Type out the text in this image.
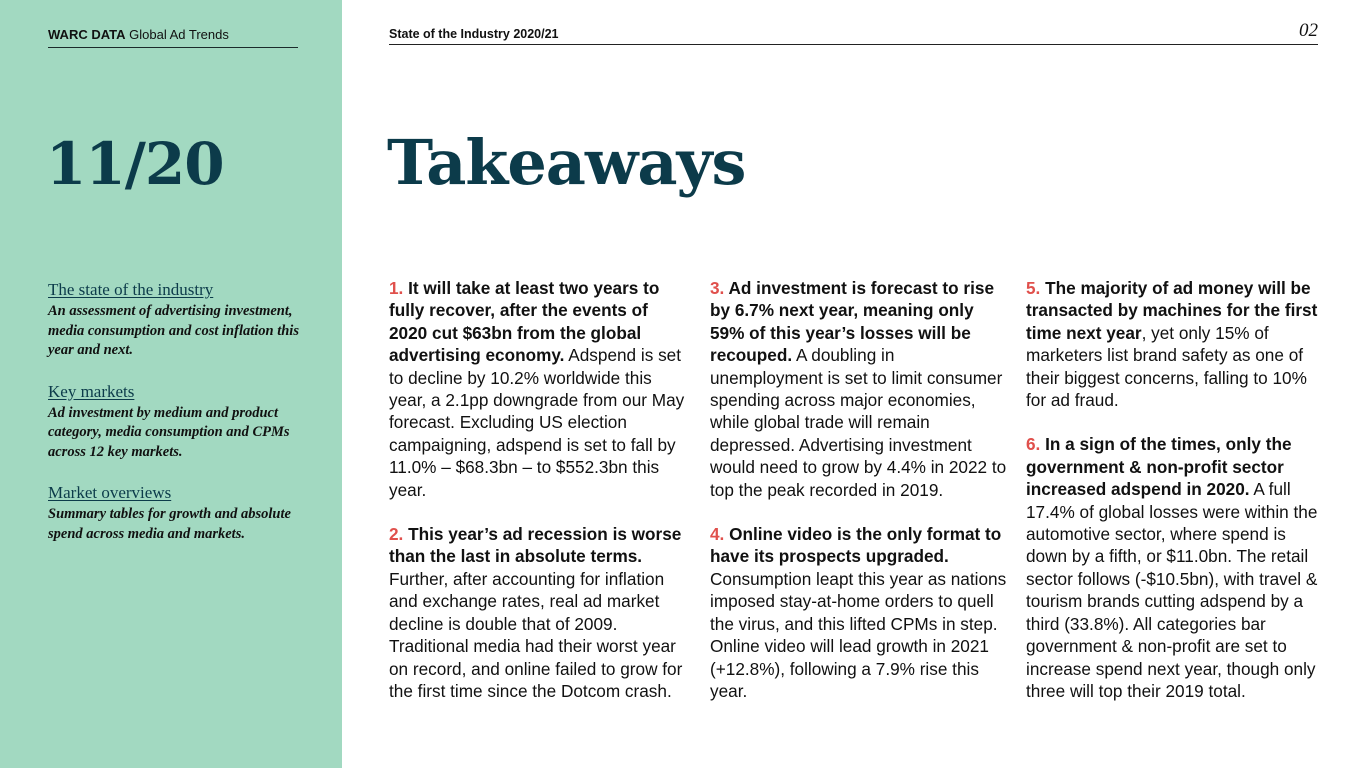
WARC DATA Global Ad Trends
11/20
The state of the industry
An assessment of advertising investment, media consumption and cost inflation this year and next.
Key markets
Ad investment by medium and product category, media consumption and CPMs across 12 key markets.
Market overviews
Summary tables for growth and absolute spend across media and markets.
State of the Industry 2020/21	02
Takeaways

1. It will take at least two years to fully recover, after the events of 2020 cut $63bn from the global advertising economy. Adspend is set to decline by 10.2% worldwide this year, a 2.1pp downgrade from our May forecast. Excluding US election campaigning, adspend is set to fall by 11.0% – $68.3bn – to $552.3bn this year.

2. This year’s ad recession is worse than the last in absolute terms. Further, after accounting for inflation and exchange rates, real ad market decline is double that of 2009. Traditional media had their worst year on record, and online failed to grow for the first time since the Dotcom crash.

3. Ad investment is forecast to rise by 6.7% next year, meaning only 59% of this year’s losses will be recouped. A doubling in unemployment is set to limit consumer spending across major economies, while global trade will remain depressed. Advertising investment would need to grow by 4.4% in 2022 to top the peak recorded in 2019.

4. Online video is the only format to have its prospects upgraded. Consumption leapt this year as nations imposed stay-at-home orders to quell the virus, and this lifted CPMs in step. Online video will lead growth in 2021 (+12.8%), following a 7.9% rise this year.

5. The majority of ad money will be transacted by machines for the first time next year, yet only 15% of marketers list brand safety as one of their biggest concerns, falling to 10% for ad fraud.

6. In a sign of the times, only the government & non-profit sector increased adspend in 2020. A full 17.4% of global losses were within the automotive sector, where spend is down by a fifth, or $11.0bn. The retail sector follows (-$10.5bn), with travel & tourism brands cutting adspend by a third (33.8%). All categories bar government & non-profit are set to increase spend next year, though only three will top their 2019 total.
